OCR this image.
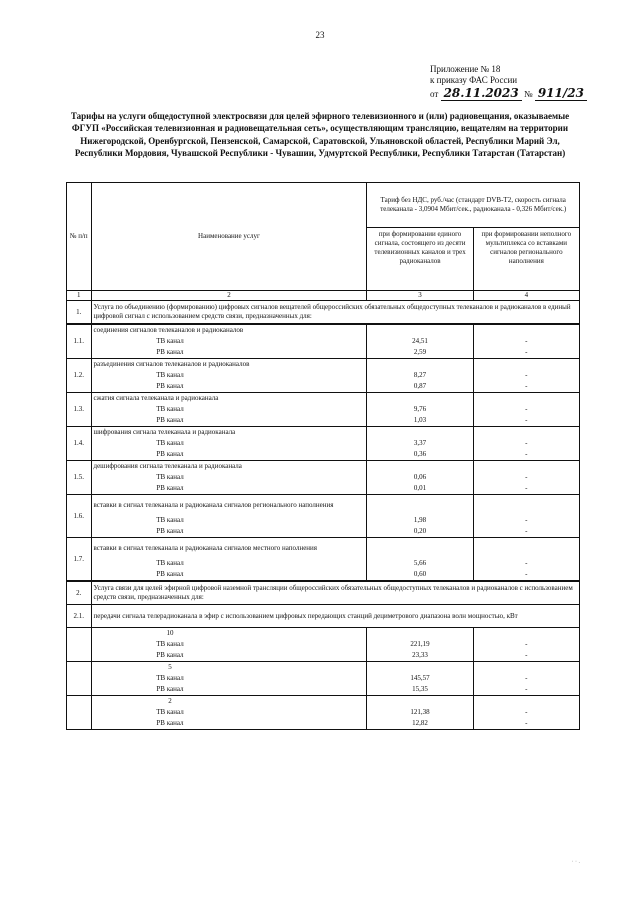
23
Приложение № 18
к приказу ФАС России
от 28.11.2023 № 911/23
Тарифы на услуги общедоступной электросвязи для целей эфирного телевизионного и (или) радиовещания, оказываемые ФГУП «Российская телевизионная и радиовещательная сеть», осуществляющим трансляцию, вещателям на территории Нижегородской, Оренбургской, Пензенской, Самарской, Саратовской, Ульяновской областей, Республики Марий Эл, Республики Мордовия, Чувашской Республики - Чувашии, Удмуртской Республики, Республики Татарстан (Татарстан)
№ п/п	Наименование услуг	Тариф без НДС, руб./час (стандарт DVB-T2, скорость сигнала телеканала - 3,0904 Мбит/сек., радиоканала - 0,326 Мбит/сек.)	
		при формировании единого сигнала, состоящего из десяти телевизионных каналов и трех радиоканалов	при формировании неполного мультиплекса со вставками сигналов регионального наполнения
1	2	3	4
1.	Услуга по объединению (формированию) цифровых сигналов вещателей общероссийских обязательных общедоступных телеканалов и радиоканалов в единый цифровой сигнал с использованием средств связи, предназначенных для:		
1.1.	соединения сигналов телеканалов и радиоканалов		
	ТВ канал	24,51	-
	РВ канал	2,59	-
1.2.	разъединения сигналов телеканалов и радиоканалов		
	ТВ канал	8,27	-
	РВ канал	0,87	-
1.3.	сжатия сигнала телеканала и радиоканала		
	ТВ канал	9,76	-
	РВ канал	1,03	-
1.4.	шифрования сигнала телеканала и радиоканала		
	ТВ канал	3,37	-
	РВ канал	0,36	-
1.5.	дешифрования сигнала телеканала и радиоканала		
	ТВ канал	0,06	-
	РВ канал	0,01	-
1.6.	вставки в сигнал телеканала и радиоканала сигналов регионального наполнения		
	ТВ канал	1,98	-
	РВ канал	0,20	-
1.7.	вставки в сигнал телеканала и радиоканала сигналов местного наполнения		
	ТВ канал	5,66	-
	РВ канал	0,60	-
2.	Услуга связи для целей эфирной цифровой наземной трансляции общероссийских обязательных общедоступных телеканалов и радиоканалов с использованием средств связи, предназначенных для:		
2.1.	передачи сигнала телерадиоканала в эфир с использованием цифровых передающих станций дециметрового диапазона волн мощностью, кВт		
	10		
	ТВ канал	221,19	-
	РВ канал	23,33	-
	5		
	ТВ канал	145,57	-
	РВ канал	15,35	-
	2		
	ТВ канал	121,38	-
	РВ канал	12,82	-
· · .
